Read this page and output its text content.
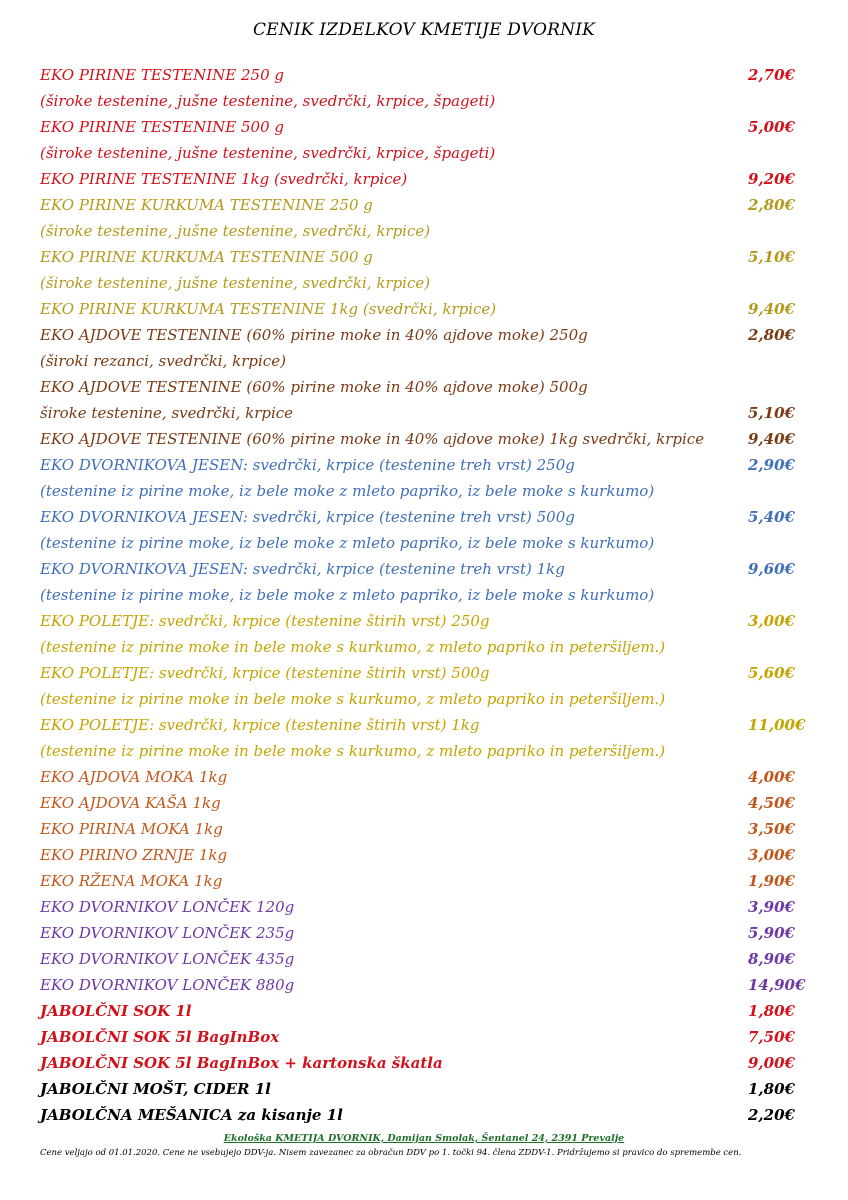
CENIK IZDELKOV KMETIJE DVORNIK
EKO PIRINE TESTENINE 250 g	2,70€
(široke testenine, jušne testenine, svedrčki, krpice, špageti)
EKO PIRINE TESTENINE 500 g	5,00€
(široke testenine, jušne testenine, svedrčki, krpice, špageti)
EKO PIRINE TESTENINE 1kg (svedrčki, krpice)	9,20€
EKO PIRINE KURKUMA TESTENINE 250 g	2,80€
(široke testenine, jušne testenine, svedrčki, krpice)
EKO PIRINE KURKUMA TESTENINE 500 g	5,10€
(široke testenine, jušne testenine, svedrčki, krpice)
EKO PIRINE KURKUMA TESTENINE 1kg (svedrčki, krpice)	9,40€
EKO AJDOVE TESTENINE (60% pirine moke in 40% ajdove moke) 250g	2,80€
(široki rezanci, svedrčki, krpice)
EKO AJDOVE TESTENINE (60% pirine moke in 40% ajdove moke) 500g
široke testenine, svedrčki, krpice	5,10€
EKO AJDOVE TESTENINE (60% pirine moke in 40% ajdove moke) 1kg svedrčki, krpice	9,40€
EKO DVORNIKOVA JESEN: svedrčki, krpice (testenine treh vrst) 250g	2,90€
(testenine iz pirine moke, iz bele moke z mleto papriko, iz bele moke s kurkumo)
EKO DVORNIKOVA JESEN: svedrčki, krpice (testenine treh vrst) 500g	5,40€
(testenine iz pirine moke, iz bele moke z mleto papriko, iz bele moke s kurkumo)
EKO DVORNIKOVA JESEN: svedrčki, krpice (testenine treh vrst) 1kg	9,60€
(testenine iz pirine moke, iz bele moke z mleto papriko, iz bele moke s kurkumo)
EKO POLETJE: svedrčki, krpice (testenine štirih vrst) 250g	3,00€
(testenine iz pirine moke in bele moke s kurkumo, z mleto papriko in peteršiljem.)
EKO POLETJE: svedrčki, krpice (testenine štirih vrst) 500g	5,60€
(testenine iz pirine moke in bele moke s kurkumo, z mleto papriko in peteršiljem.)
EKO POLETJE: svedrčki, krpice (testenine štirih vrst) 1kg	11,00€
(testenine iz pirine moke in bele moke s kurkumo, z mleto papriko in peteršiljem.)
EKO AJDOVA MOKA 1kg	4,00€
EKO AJDOVA KAŠA 1kg	4,50€
EKO PIRINA MOKA 1kg	3,50€
EKO PIRINO ZRNJE 1kg	3,00€
EKO RŽENA MOKA 1kg	1,90€
EKO DVORNIKOV LONČEK 120g	3,90€
EKO DVORNIKOV LONČEK 235g	5,90€
EKO DVORNIKOV LONČEK 435g	8,90€
EKO DVORNIKOV LONČEK 880g	14,90€
JABOLČNI SOK 1l	1,80€
JABOLČNI SOK 5l BagInBox	7,50€
JABOLČNI SOK 5l BagInBox + kartonska škatla	9,00€
JABOLČNI MOŠT, CIDER 1l	1,80€
JABOLČNA MEŠANICA za kisanje 1l	2,20€
Ekološka KMETIJA DVORNIK, Damijan Smolak, Šentanel 24, 2391 Prevalje
Cene veljajo od 01.01.2020. Cene ne vsebujejo DDV-ja. Nisem zavezanec za obračun DDV po 1. točki 94. člena ZDDV-1. Pridržujemo si pravico do spremembe cen.
